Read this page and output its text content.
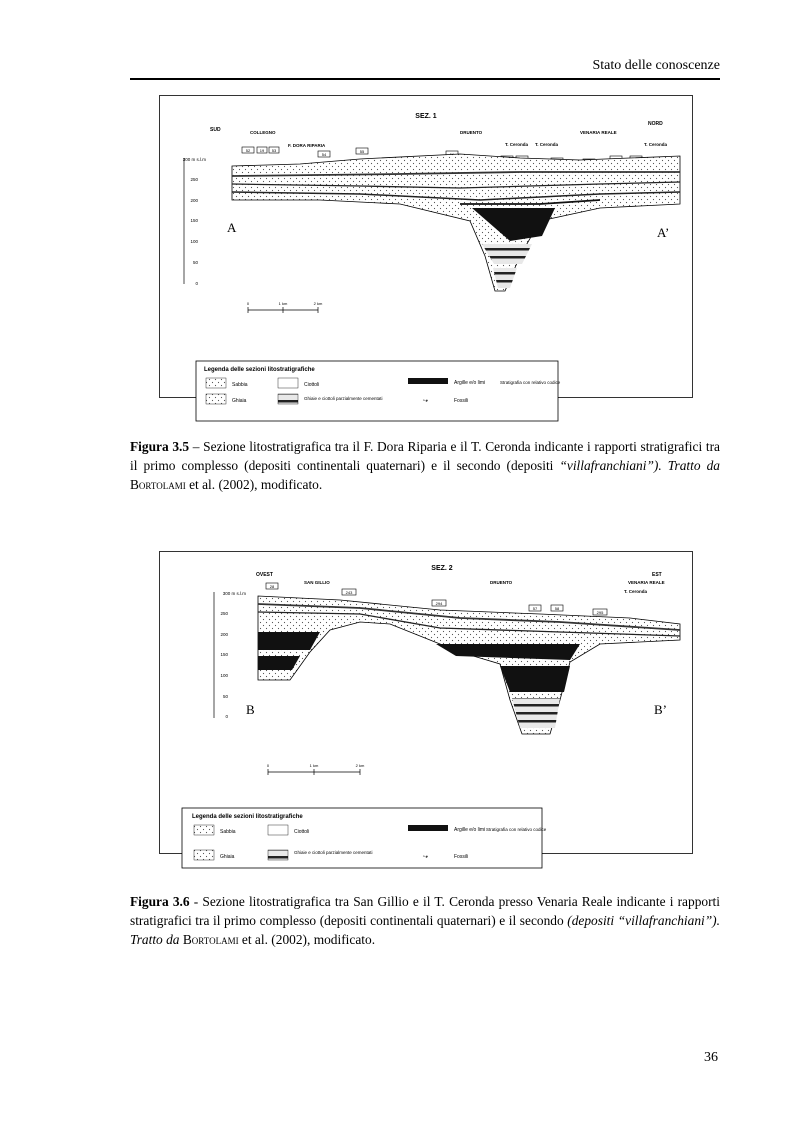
Stato delle conoscenze
SEZ. 1
SUD
NORD
COLLEGNO
F. DORA RIPARIA
DRUENTO
T. Ceronda T. Ceronda
VENARIA REALE
T. Ceronda
52 19 53
54
55
300 m s.l.m
250
200
150
100
50
0
A	A’
0	1 km	2 km
Legenda delle sezioni litostratigrafiche
Sabbia
Ghiaia
Ciottoli
Ghiaie e ciottoli parzialmente cementati
Argille e/o limi
◔◕	Fossili
Stratigrafia con relativo codice
Figura 3.5 – Sezione litostratigrafica tra il F. Dora Riparia e il T. Ceronda indicante i rapporti stratigrafici tra il primo complesso (depositi continentali quaternari) e il secondo (depositi “villafranchiani”). Tratto da Bortolami et al. (2002), modificato.
SEZ. 2
OVEST	EST
SAN GILLIO	DRUENTO	VENARIA REALE
T. Ceronda
28
243
294
57	58
295
300 m s.l.m
250
200
150
100
50
0 B	B’
0	1 km	2 km
Legenda delle sezioni litostratigrafiche
Sabbia
Ghiaia
Ciottoli
Ghiaie e ciottoli parzialmente cementati
Argille e/o limi
◔◕	Fossili
Stratigrafia con relativo codice
Figura 3.6 - Sezione litostratigrafica tra San Gillio e il T. Ceronda presso Venaria Reale indicante i rapporti stratigrafici tra il primo complesso (depositi continentali quaternari) e il secondo (depositi “villafranchiani”). Tratto da Bortolami et al. (2002), modificato.
36
